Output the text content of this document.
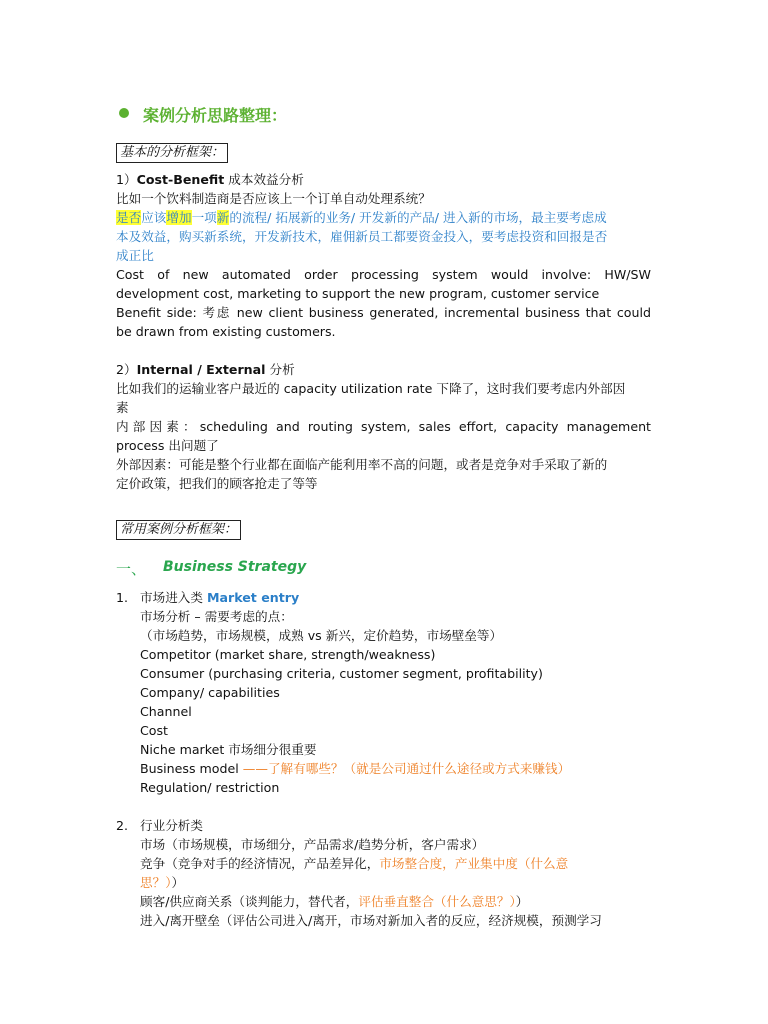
案例分析思路整理：
基本的分析框架：
1）Cost-Benefit 成本效益分析
比如一个饮料制造商是否应该上一个订单自动处理系统？
是否应该增加一项新的流程/ 拓展新的业务/ 开发新的产品/ 进入新的市场，最主要考虑成
本及效益，购买新系统，开发新技术，雇佣新员工都要资金投入，要考虑投资和回报是否
成正比
Cost of new automated order processing system would involve: HW/SW
development cost, marketing to support the new program, customer service
Benefit side: 考虑 new client business generated, incremental business that could
be drawn from existing customers.
2）Internal / External 分析
比如我们的运输业客户最近的 capacity utilization rate 下降了，这时我们要考虑内外部因
素
内部因素：scheduling and routing system, sales effort, capacity management
process 出问题了
外部因素：可能是整个行业都在面临产能利用率不高的问题，或者是竞争对手采取了新的
定价政策，把我们的顾客抢走了等等
常用案例分析框架：
一、 Business Strategy
1. 市场进入类 Market entry
市场分析 – 需要考虑的点：
（市场趋势，市场规模，成熟 vs 新兴，定价趋势，市场壁垒等）
Competitor (market share, strength/weakness)
Consumer (purchasing criteria, customer segment, profitability)
Company/ capabilities
Channel
Cost
Niche market 市场细分很重要
Business model ——了解有哪些？（就是公司通过什么途径或方式来赚钱）
Regulation/ restriction
2. 行业分析类
市场（市场规模，市场细分，产品需求/趋势分析，客户需求）
竞争（竞争对手的经济情况，产品差异化，市场整合度，产业集中度（什么意
思？））
顾客/供应商关系（谈判能力，替代者，评估垂直整合（什么意思？））
进入/离开壁垒（评估公司进入/离开，市场对新加入者的反应，经济规模，预测学习
